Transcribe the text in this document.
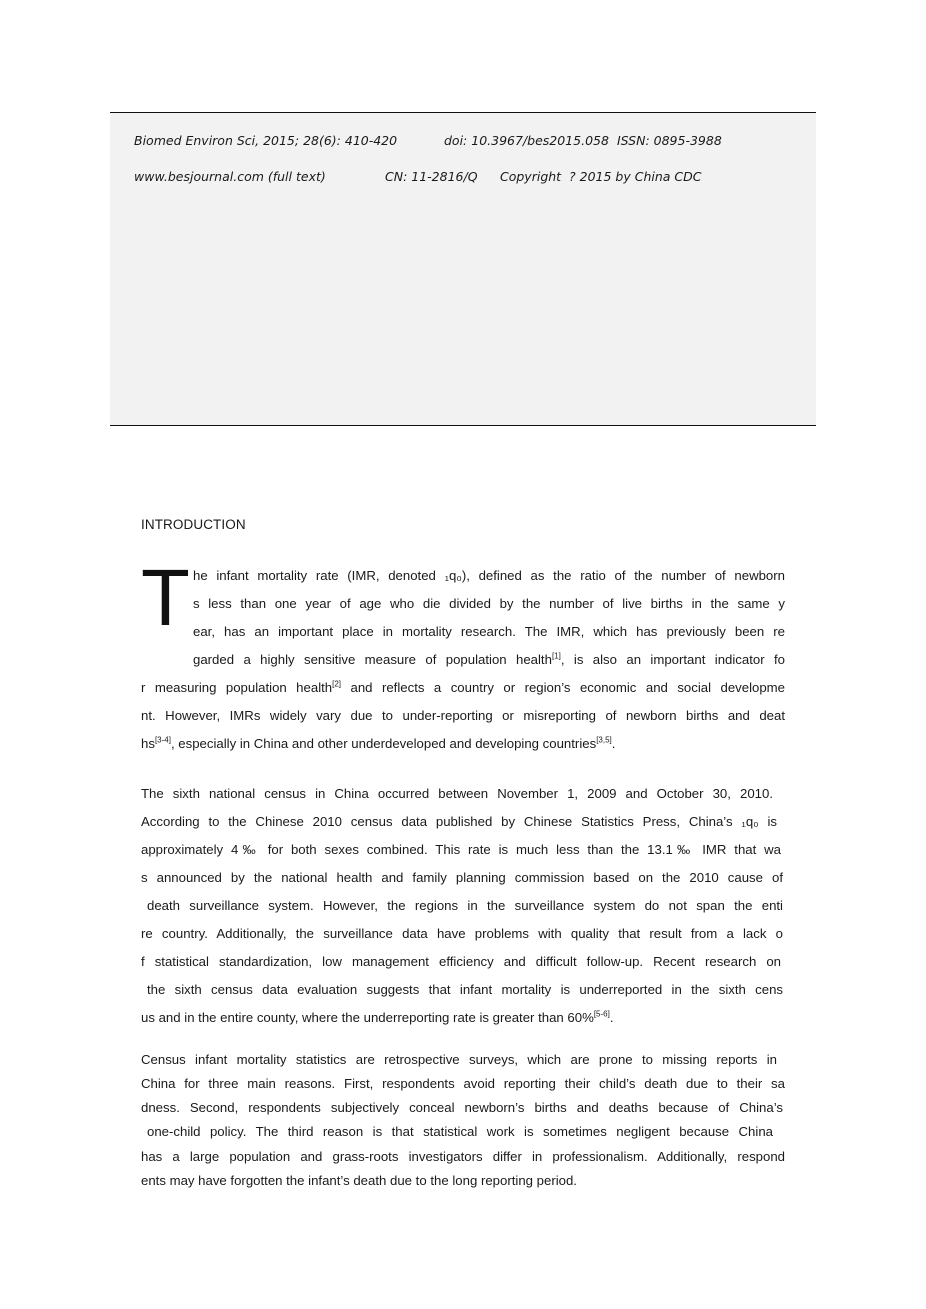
Biomed Environ Sci, 2015; 28(6): 410-420	doi: 10.3967/bes2015.058 ISSN: 0895-3988
www.besjournal.com (full text)	CN: 11-2816/Q Copyright  ? 2015 by China CDC
INTRODUCTION
T he infant mortality rate (IMR, denoted ₁q₀), defined as the ratio of the number of newborn
s less than one year of age who die divided by the number of live births in the same y
ear, has an important place in mortality research. The IMR, which has previously been re
garded a highly sensitive measure of population health[1], is also an important indicator fo
r measuring population health[2] and reflects a country or region’s economic and social developme
nt. However, IMRs widely vary due to under-reporting or misreporting of newborn births and deat
hs[3-4], especially in China and other underdeveloped and developing countries[3,5].
The sixth national census in China occurred between November 1, 2009 and October 30, 2010.
According to the Chinese 2010 census data published by Chinese Statistics Press, China’s ₁q₀ is
approximately 4‰ for both sexes combined. This rate is much less than the 13.1‰ IMR that wa
s announced by the national health and family planning commission based on the 2010 cause of
death surveillance system. However, the regions in the surveillance system do not span the enti
re country. Additionally, the surveillance data have problems with quality that result from a lack o
f statistical standardization, low management efficiency and difficult follow-up. Recent research on
the sixth census data evaluation suggests that infant mortality is underreported in the sixth cens
us and in the entire county, where the underreporting rate is greater than 60%[5-6].
Census infant mortality statistics are retrospective surveys, which are prone to missing reports in
China for three main reasons. First, respondents avoid reporting their child’s death due to their sa
dness. Second, respondents subjectively conceal newborn’s births and deaths because of China’s
one-child policy. The third reason is that statistical work is sometimes negligent because China
has a large population and grass-roots investigators differ in professionalism. Additionally, respond
ents may have forgotten the infant’s death due to the long reporting period.
